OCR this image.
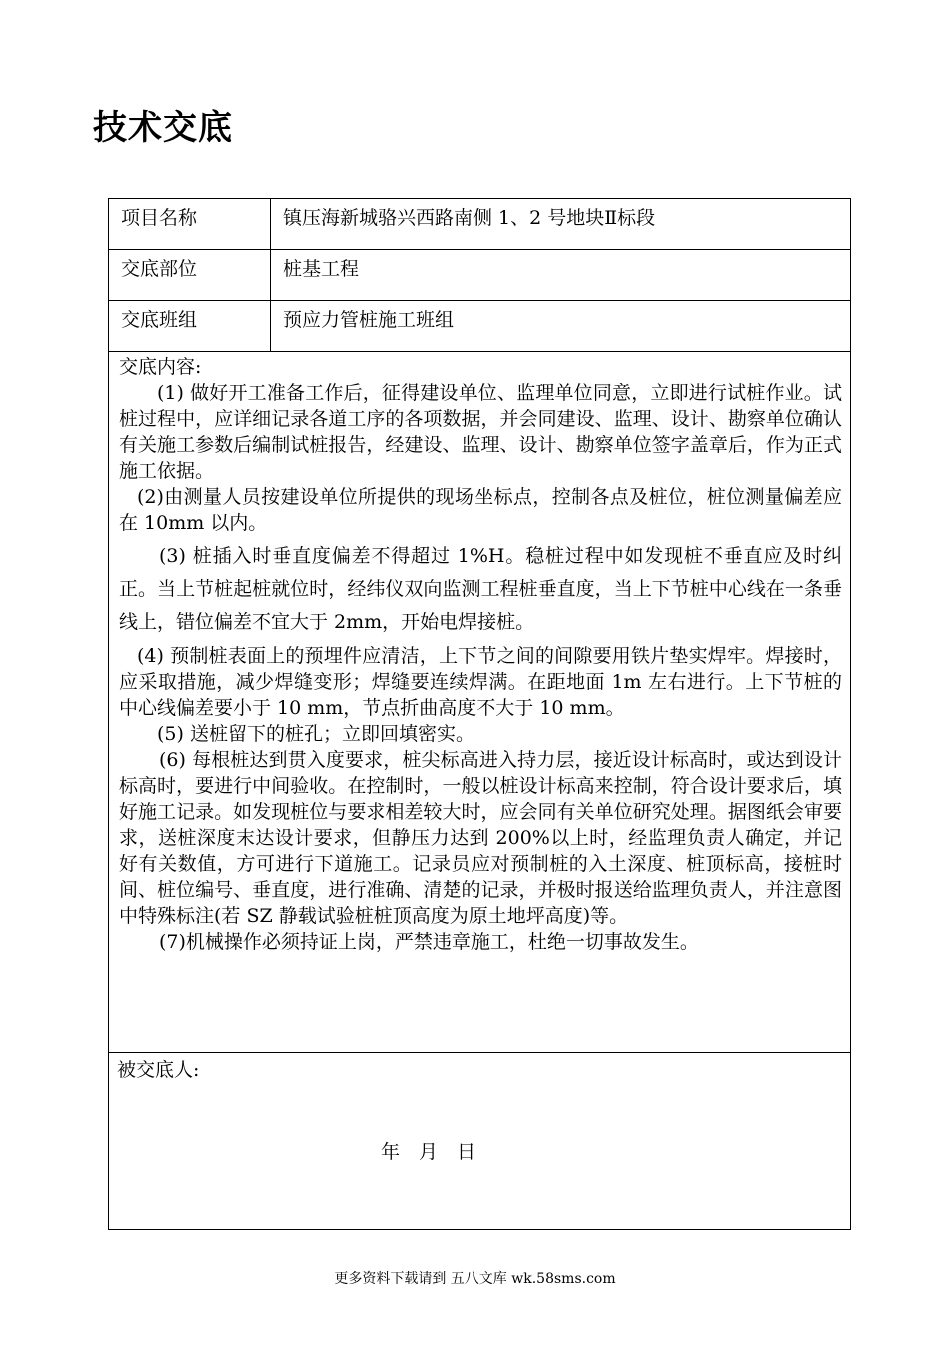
技术交底
项目名称	镇压海新城骆兴西路南侧 1、2 号地块Ⅱ标段
交底部位	桩基工程
交底班组	预应力管桩施工班组

交底内容:

(1) 做好开工准备工作后，征得建设单位、监理单位同意，立即进行试桩作业。试桩过程中，应详细记录各道工序的各项数据，并会同建设、监理、设计、勘察单位确认有关施工参数后编制试桩报告，经建设、监理、设计、勘察单位签字盖章后，作为正式施工依据。

(2)由测量人员按建设单位所提供的现场坐标点，控制各点及桩位，桩位测量偏差应在 10mm 以内。

(3) 桩插入时垂直度偏差不得超过 1%H。稳桩过程中如发现桩不垂直应及时纠正。当上节桩起桩就位时，经纬仪双向监测工程桩垂直度，当上下节桩中心线在一条垂线上，错位偏差不宜大于 2mm，开始电焊接桩。

(4) 预制桩表面上的预埋件应清洁，上下节之间的间隙要用铁片垫实焊牢。焊接时，应采取措施，减少焊缝变形；焊缝要连续焊满。在距地面 1m 左右进行。上下节桩的中心线偏差要小于 10 mm，节点折曲高度不大于 10 mm。

(5) 送桩留下的桩孔；立即回填密实。

(6) 每根桩达到贯入度要求，桩尖标高进入持力层，接近设计标高时，或达到设计标高时，要进行中间验收。在控制时，一般以桩设计标高来控制，符合设计要求后，填好施工记录。如发现桩位与要求相差较大时，应会同有关单位研究处理。据图纸会审要求，送桩深度末达设计要求，但静压力达到 200%以上时，经监理负责人确定，并记好有关数值，方可进行下道施工。记录员应对预制桩的入土深度、桩顶标高，接桩时间、桩位编号、垂直度，进行准确、清楚的记录，并极时报送给监理负责人，并注意图中特殊标注(若 SZ 静载试验桩桩顶高度为原土地坪高度)等。

(7)机械操作必须持证上岗，严禁违章施工，杜绝一切事故发生。

被交底人:
年　月　日
更多资料下载请到 五八文库 wk.58sms.com
